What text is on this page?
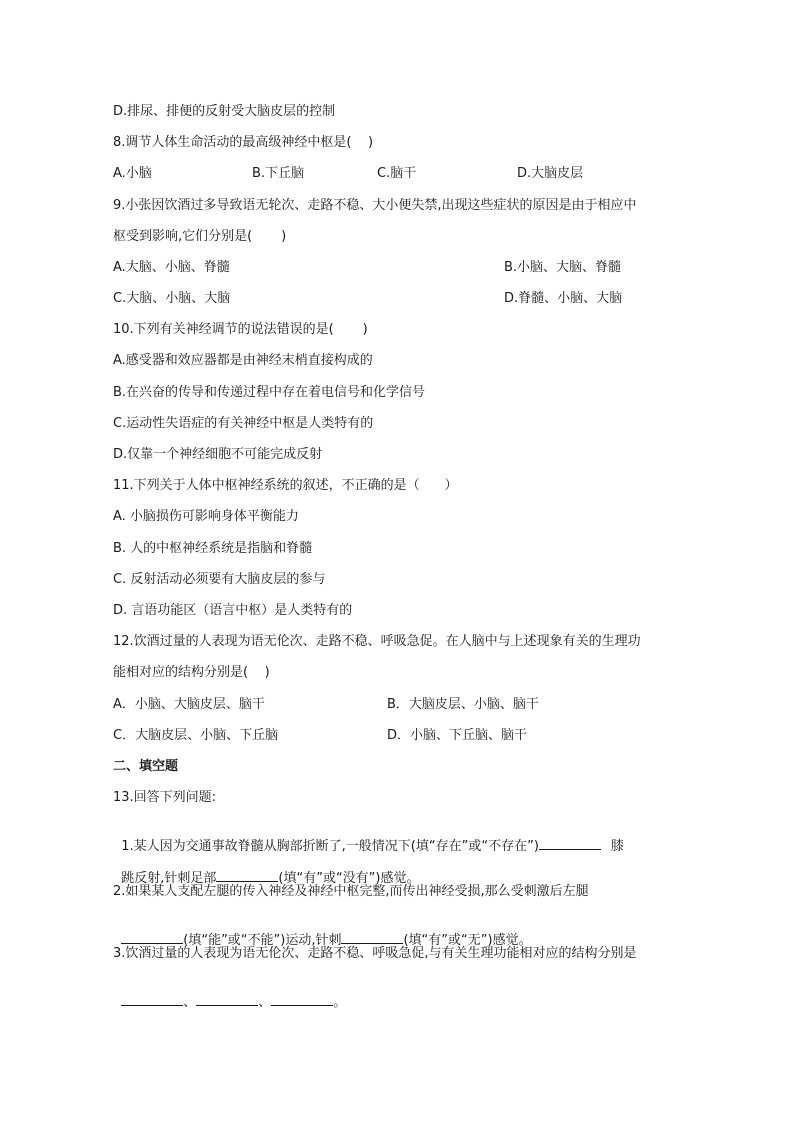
D.排尿、排便的反射受大脑皮层的控制
8.调节人体生命活动的最高级神经中枢是(    )
A.小脑	B.下丘脑	C.脑干	D.大脑皮层
9.小张因饮酒过多导致语无轮次、走路不稳、大小便失禁,出现这些症状的原因是由于相应中
枢受到影响,它们分别是(       )
A.大脑、小脑、脊髓	B.小脑、大脑、脊髓
C.大脑、小脑、大脑	D.脊髓、小脑、大脑
10.下列有关神经调节的说法错误的是(       )
A.感受器和效应器都是由神经末梢直接构成的
B.在兴奋的传导和传递过程中存在着电信号和化学信号
C.运动性失语症的有关神经中枢是人类特有的
D.仅靠一个神经细胞不可能完成反射
11.下列关于人体中枢神经系统的叙述，不正确的是（      ）
A. 小脑损伤可影响身体平衡能力
B. 人的中枢神经系统是指脑和脊髓
C. 反射活动必须要有大脑皮层的参与
D. 言语功能区（语言中枢）是人类特有的
12.饮酒过量的人表现为语无伦次、走路不稳、呼吸急促。在人脑中与上述现象有关的生理功
能相对应的结构分别是(    )
A．小脑、大脑皮层、脑干	B．大脑皮层、小脑、脑干
C．大脑皮层、小脑、下丘脑	D．小脑、下丘脑、脑干
二、填空题
13.回答下列问题:

1.某人因为交通事故脊髓从胸部折断了,一般情况下(填“存在”或“不存在”)	膝

跳反射,针刺足部	(填“有”或“没有”)感觉。

2.如果某人支配左腿的传入神经及神经中枢完整,而传出神经受损,那么受刺激后左腿

(填“能”或“不能”)运动,针刺	(填“有”或“无”)感觉。

3.饮酒过量的人表现为语无伦次、走路不稳、呼吸急促,与有关生理功能相对应的结构分别是

、	、	。
